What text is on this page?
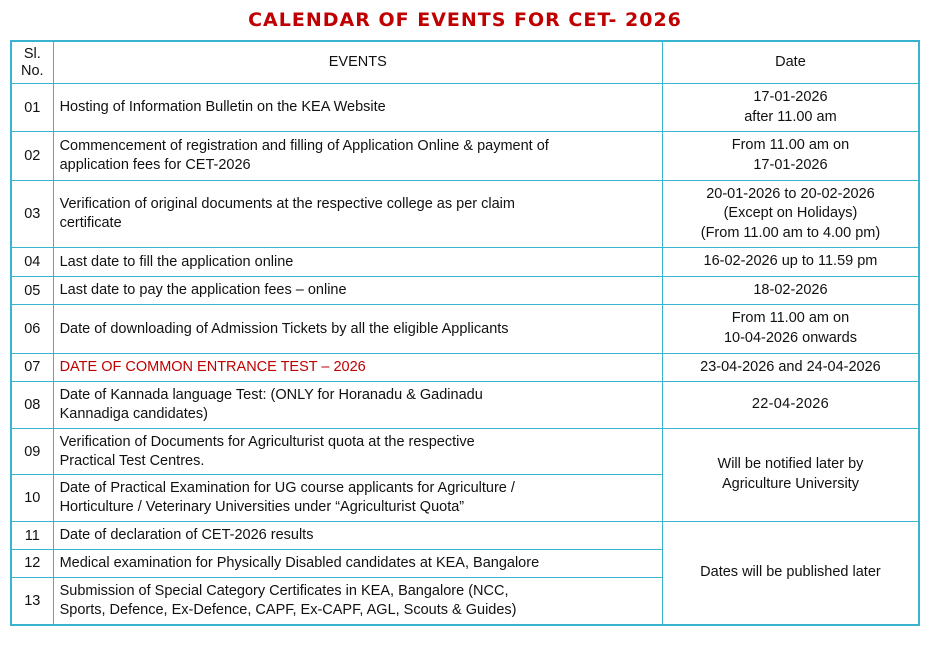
CALENDAR OF EVENTS FOR CET- 2026
Sl.
No.	EVENTS	Date
01	Hosting of Information Bulletin on the KEA Website	17-01-2026
after 11.00 am

02	Commencement of registration and filling of Application Online & payment of
application fees for CET-2026	From 11.00 am on
17-01-2026

03	Verification of original documents at the respective college as per claim
certificate	20-01-2026 to 20-02-2026
(Except on Holidays)
(From 11.00 am to 4.00 pm)

04	Last date to fill the application online	16-02-2026 up to 11.59 pm
05	Last date to pay the application fees – online	18-02-2026
06	Date of downloading of Admission Tickets by all the eligible Applicants	From 11.00 am on
10-04-2026 onwards

07	DATE OF COMMON ENTRANCE TEST – 2026	23-04-2026 and 24-04-2026
08	Date of Kannada language Test: (ONLY for Horanadu & Gadinadu
Kannadiga candidates)	22-04-2026
09	Verification of Documents for Agriculturist quota at the respective
Practical Test Centres.	Will be notified later by
Agriculture University

10	Date of Practical Examination for UG course applicants for Agriculture /
Horticulture / Veterinary Universities under “Agriculturist Quota”	

11	Date of declaration of CET-2026 results	Dates will be published later
12	Medical examination for Physically Disabled candidates at KEA, Bangalore	
13	Submission of Special Category Certificates in KEA, Bangalore (NCC,
Sports, Defence, Ex-Defence, CAPF, Ex-CAPF, AGL, Scouts & Guides)	
